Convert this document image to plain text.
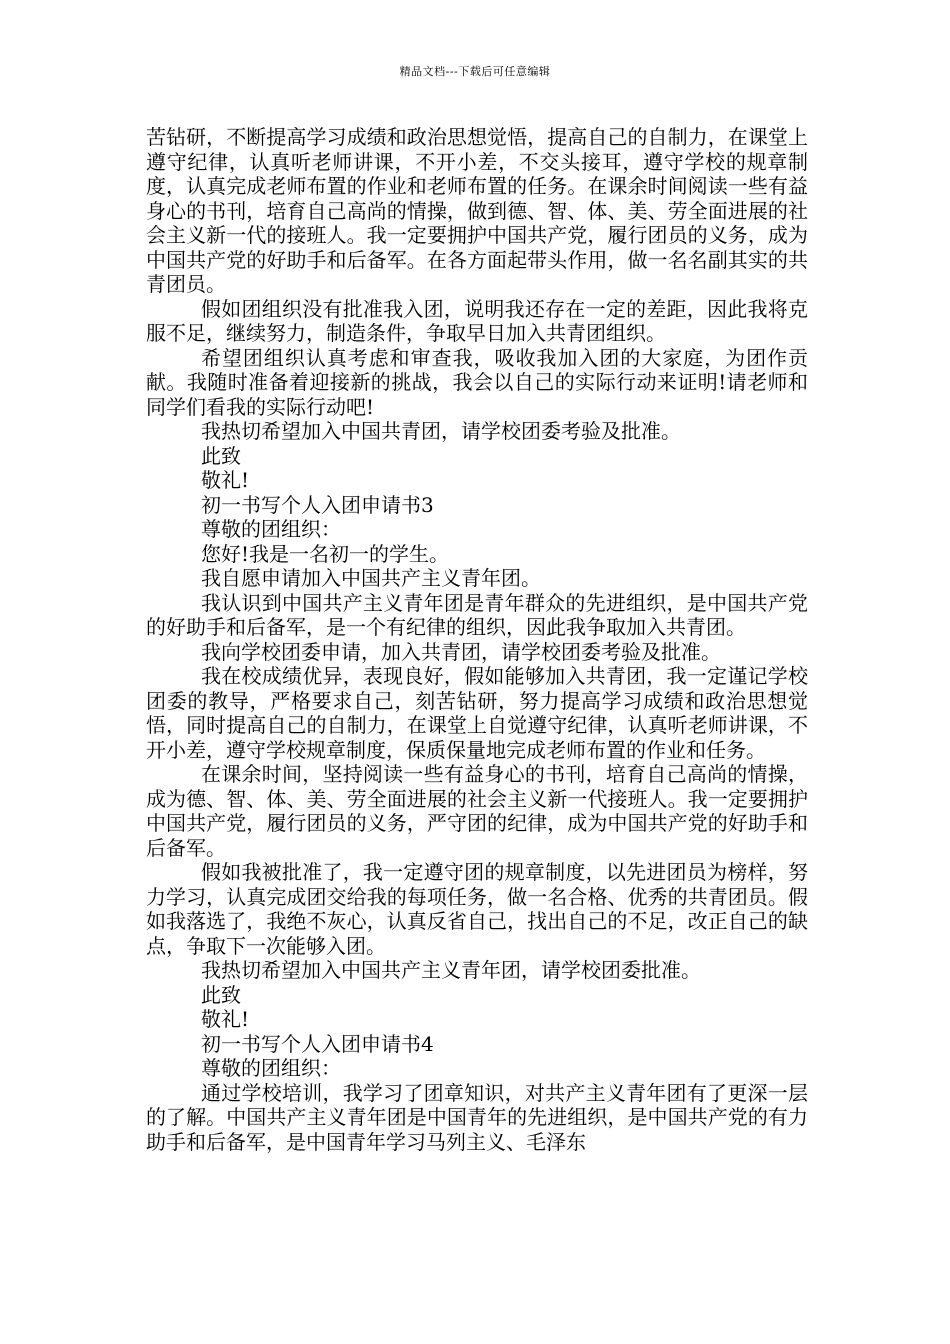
精品文档---下载后可任意编辑

苦钻研，不断提高学习成绩和政治思想觉悟，提高自己的自制力，在课堂上遵守纪律，认真听老师讲课，不开小差，不交头接耳，遵守学校的规章制度，认真完成老师布置的作业和老师布置的任务。在课余时间阅读一些有益身心的书刊，培育自己高尚的情操，做到德、智、体、美、劳全面进展的社会主义新一代的接班人。我一定要拥护中国共产党，履行团员的义务，成为中国共产党的好助手和后备军。在各方面起带头作用，做一名名副其实的共青团员。

假如团组织没有批准我入团，说明我还存在一定的差距，因此我将克服不足，继续努力，制造条件，争取早日加入共青团组织。

希望团组织认真考虑和审查我，吸收我加入团的大家庭，为团作贡献。我随时准备着迎接新的挑战，我会以自己的实际行动来证明!请老师和同学们看我的实际行动吧!

我热切希望加入中国共青团，请学校团委考验及批准。

此致

敬礼!

初一书写个人入团申请书3

尊敬的团组织：

您好!我是一名初一的学生。

我自愿申请加入中国共产主义青年团。

我认识到中国共产主义青年团是青年群众的先进组织，是中国共产党的好助手和后备军，是一个有纪律的组织，因此我争取加入共青团。

我向学校团委申请，加入共青团，请学校团委考验及批准。

我在校成绩优异，表现良好，假如能够加入共青团，我一定谨记学校团委的教导，严格要求自己，刻苦钻研，努力提高学习成绩和政治思想觉悟，同时提高自己的自制力，在课堂上自觉遵守纪律，认真听老师讲课，不开小差，遵守学校规章制度，保质保量地完成老师布置的作业和任务。

在课余时间，坚持阅读一些有益身心的书刊，培育自己高尚的情操，成为德、智、体、美、劳全面进展的社会主义新一代接班人。我一定要拥护中国共产党，履行团员的义务，严守团的纪律，成为中国共产党的好助手和后备军。

假如我被批准了，我一定遵守团的规章制度，以先进团员为榜样，努力学习，认真完成团交给我的每项任务，做一名合格、优秀的共青团员。假如我落选了，我绝不灰心，认真反省自己，找出自己的不足，改正自己的缺点，争取下一次能够入团。

我热切希望加入中国共产主义青年团，请学校团委批准。

此致

敬礼!

初一书写个人入团申请书4

尊敬的团组织：

通过学校培训，我学习了团章知识，对共产主义青年团有了更深一层的了解。中国共产主义青年团是中国青年的先进组织，是中国共产党的有力助手和后备军，是中国青年学习马列主义、毛泽东
